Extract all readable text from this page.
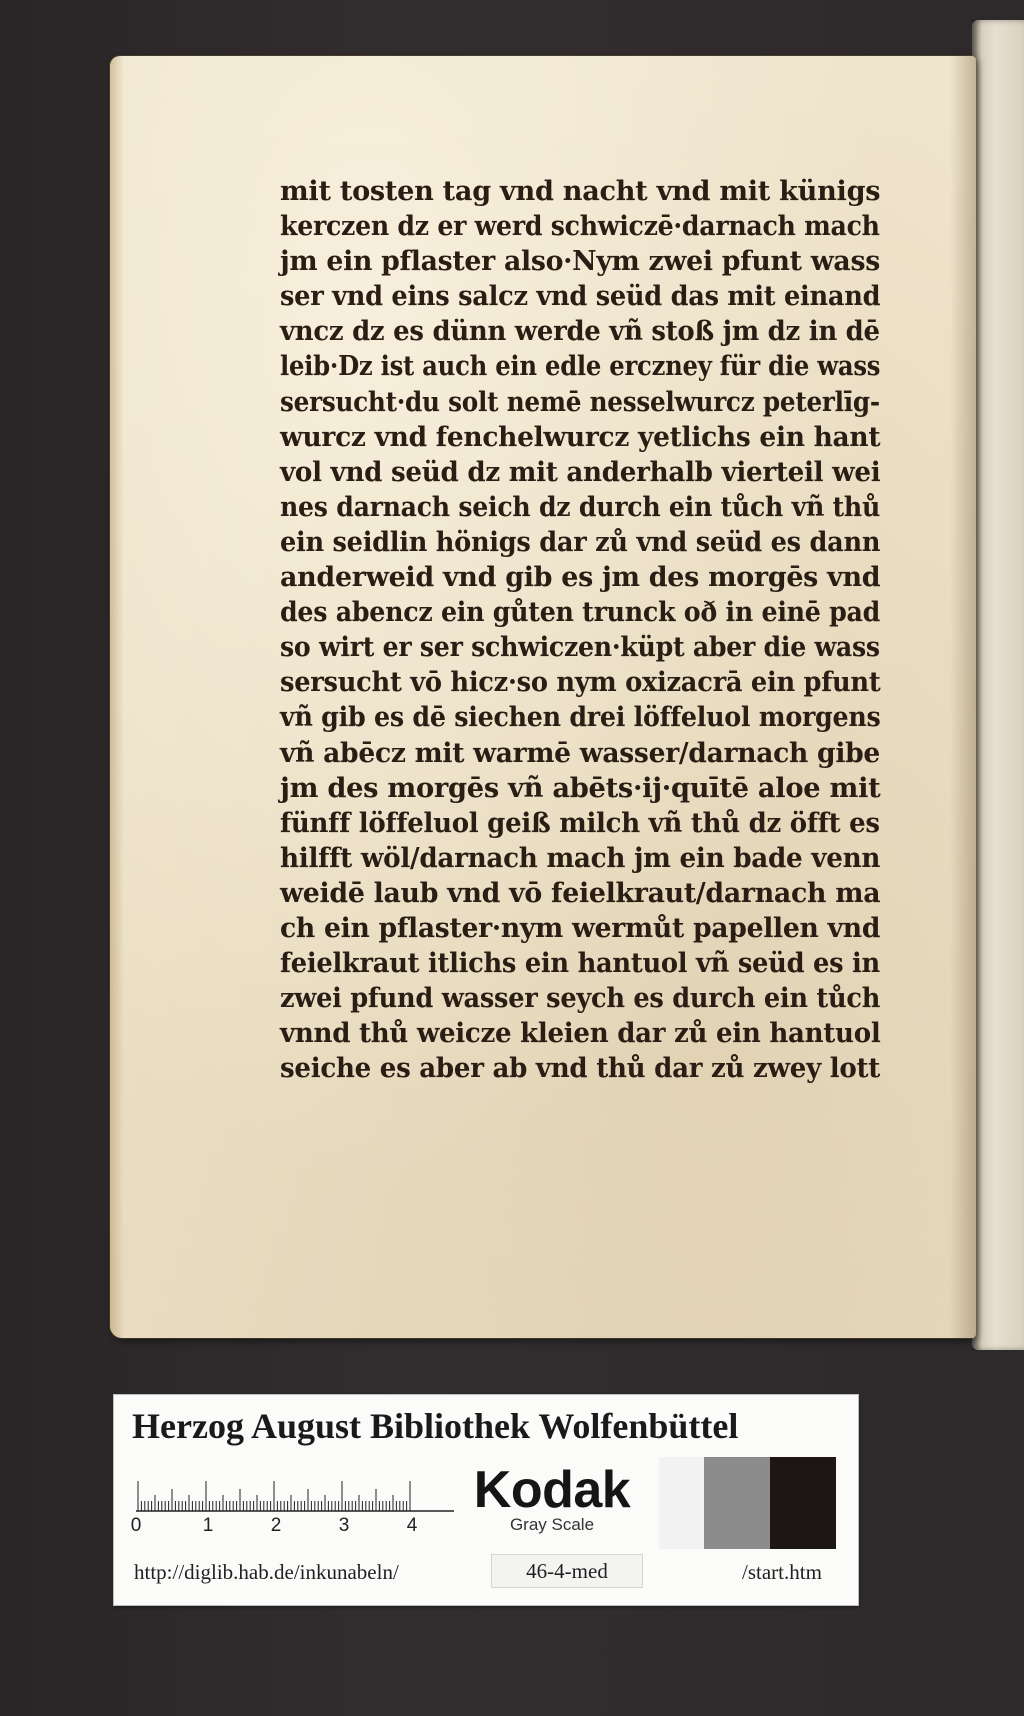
mit tosten tag vnd nacht vnd mit künigs
kerczen dz er werd schwiczē·darnach mach
jm ein pflaster also·Nym zwei pfunt wass
ser vnd eins salcz vnd seüd das mit einand
vncz dz es dünn werde vñ stoß jm dz in dē
leib·Dz ist auch ein edle erczney für die wass
sersucht·du solt nemē nesselwurcz peterlīg-
wurcz vnd fenchelwurcz yetlichs ein hant
vol vnd seüd dz mit anderhalb vierteil wei
nes darnach seich dz durch ein tůch vñ thů
ein seidlin hönigs dar zů vnd seüd es dann
anderweid vnd gib es jm des morgēs vnd
des abencz ein gůten trunck oð in einē pad
so wirt er ser schwiczen·küpt aber die wass
sersucht vō hicz·so nym oxizacrā ein pfunt
vñ gib es dē siechen drei löffeluol morgens
vñ abēcz mit warmē wasser/darnach gibe
jm des morgēs vñ abēts·ij·quītē aloe mit
fünff löffeluol geiß milch vñ thů dz öfft es
hilfft wöl/darnach mach jm ein bade venn
weidē laub vnd vō feielkraut/darnach ma
ch ein pflaster·nym wermůt papellen vnd
feielkraut itlichs ein hantuol vñ seüd es in
zwei pfund wasser seych es durch ein tůch
vnnd thů weicze kleien dar zů ein hantuol
seiche es aber ab vnd thů dar zů zwey lott
Herzog August Bibliothek Wolfenbüttel
0	1	2	3	4
Kodak
Gray Scale
http://diglib.hab.de/inkunabeln/	46-4-med	/start.htm
